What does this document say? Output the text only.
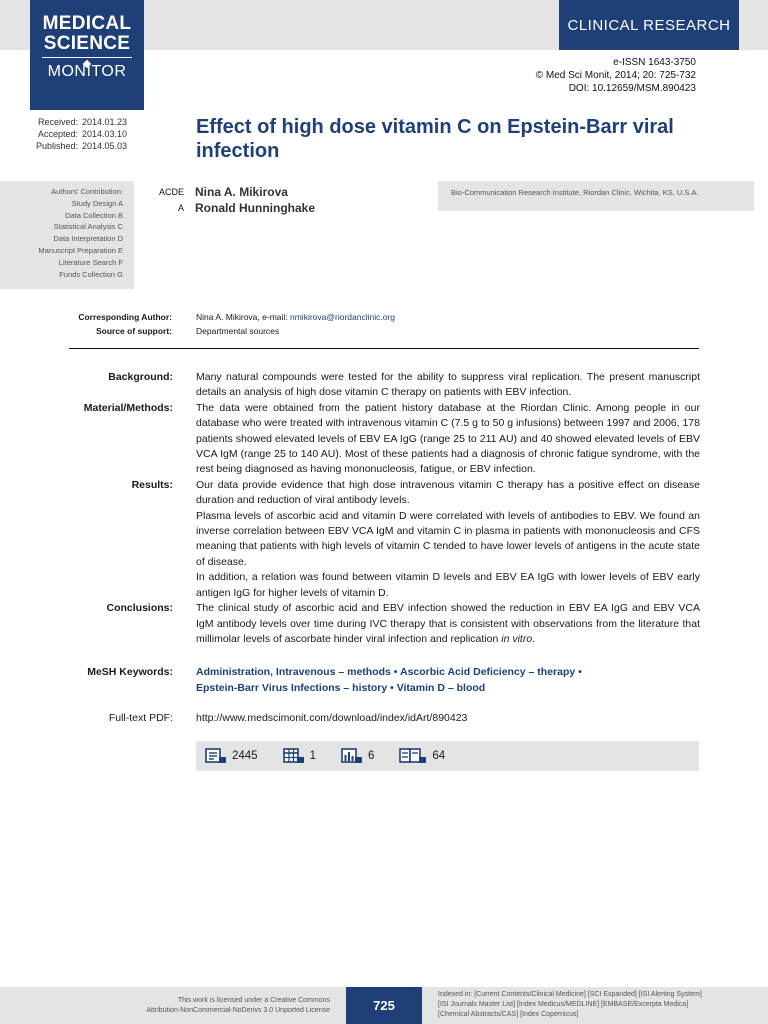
MEDICAL
SCIENCE
MONITOR
CLINICAL RESEARCH
e-ISSN 1643-3750
© Med Sci Monit, 2014; 20: 725-732
DOI: 10.12659/MSM.890423
Received: 2014.01.23
Accepted: 2014.03.10
Published: 2014.05.03
Effect of high dose vitamin C on Epstein-Barr viral infection
Authors' Contribution:
Study Design A
Data Collection B
Statistical Analysis C
Data Interpretation D
Manuscript Preparation E
Literature Search F
Funds Collection G
ACDE Nina A. Mikirova
A Ronald Hunninghake
Bio-Communication Research Institute, Riordan Clinic, Wichita, KS, U.S.A.
Corresponding Author:	Nina A. Mikirova, e-mail: nmikirova@riordanclinic.org
Source of support:	Departmental sources
Background: Many natural compounds were tested for the ability to suppress viral replication. The present manuscript details an analysis of high dose vitamin C therapy on patients with EBV infection.
Material/Methods: The data were obtained from the patient history database at the Riordan Clinic. Among people in our database who were treated with intravenous vitamin C (7.5 g to 50 g infusions) between 1997 and 2006, 178 patients showed elevated levels of EBV EA IgG (range 25 to 211 AU) and 40 showed elevated levels of EBV VCA IgM (range 25 to 140 AU). Most of these patients had a diagnosis of chronic fatigue syndrome, with the rest being diagnosed as having mononucleosis, fatigue, or EBV infection.
Results: Our data provide evidence that high dose intravenous vitamin C therapy has a positive effect on disease duration and reduction of viral antibody levels.
Plasma levels of ascorbic acid and vitamin D were correlated with levels of antibodies to EBV. We found an inverse correlation between EBV VCA IgM and vitamin C in plasma in patients with mononucleosis and CFS meaning that patients with high levels of vitamin C tended to have lower levels of antigens in the acute state of disease.
In addition, a relation was found between vitamin D levels and EBV EA IgG with lower levels of EBV early antigen IgG for higher levels of vitamin D.
Conclusions: The clinical study of ascorbic acid and EBV infection showed the reduction in EBV EA IgG and EBV VCA IgM antibody levels over time during IVC therapy that is consistent with observations from the literature that millimolar levels of ascorbate hinder viral infection and replication in vitro.
MeSH Keywords: Administration, Intravenous – methods • Ascorbic Acid Deficiency – therapy •
Epstein-Barr Virus Infections – history • Vitamin D – blood
Full-text PDF: http://www.medscimonit.com/download/index/idArt/890423
2445	1	6	64
This work is licensed under a Creative Commons
Attribution-NonCommercial-NoDerivs 3.0 Unported License	725
Indexed in: [Current Contents/Clinical Medicine] [SCI Expanded] [ISI Alerting System]
[ISI Journals Master List] [Index Medicus/MEDLINE] [EMBASE/Excerpta Medica]
[Chemical Abstracts/CAS] [Index Copernicus]
